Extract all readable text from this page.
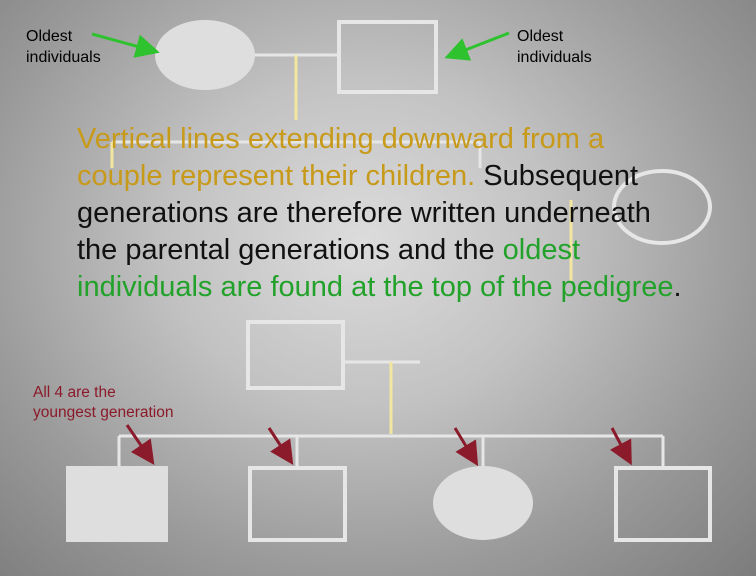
Oldest
individuals
Oldest
individuals
Vertical lines extending downward from a couple represent their children. Subsequent generations are therefore written underneath the parental generations and the oldest individuals are found at the top of the pedigree.
All 4 are the
youngest generation
